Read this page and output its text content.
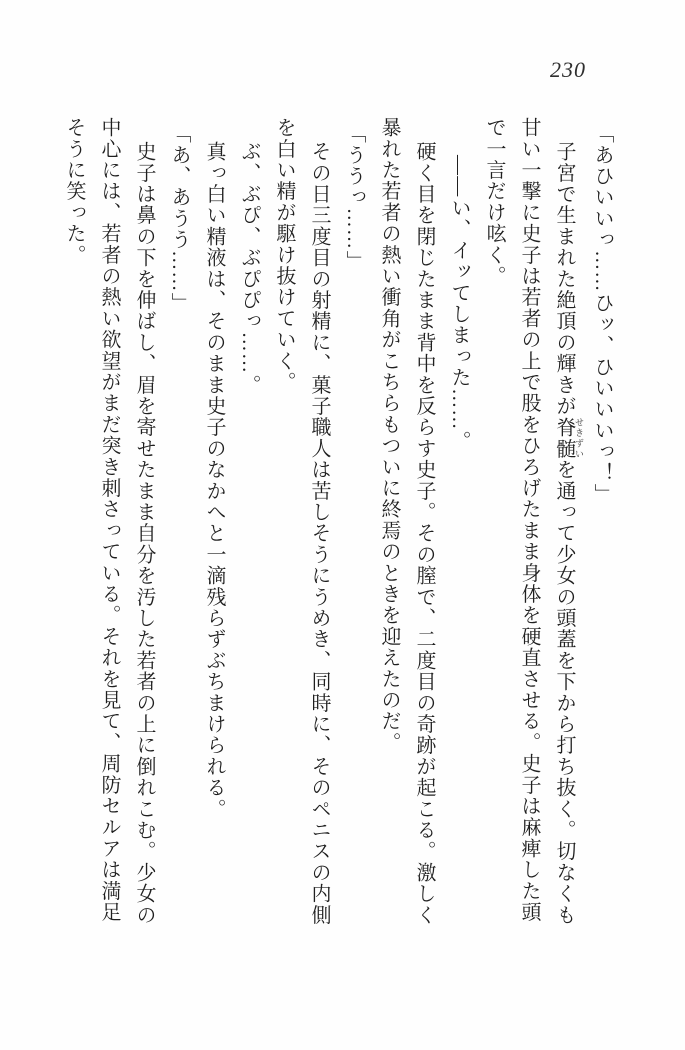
230

「あひいいっ……ひッ、ひいいいっ！」

子宮で生まれた絶頂の輝きが脊髄 せきずいを通って少女の頭蓋を下から打ち抜く。切なくも

甘い一撃に史子は若者の上で股をひろげたまま身体を硬直させる。史子は麻痺した頭

で一言だけ呟く。

――い、イッてしまった……。

硬く目を閉じたまま背中を反らす史子。その膣で、二度目の奇跡が起こる。激しく

暴れた若者の熱い衝角がこちらもついに終焉のときを迎えたのだ。

「ううっ……」

その日三度目の射精に、菓子職人は苦しそうにうめき、同時に、そのペニスの内側

を白い精が駆け抜けていく。

ぶ、ぶぴ、ぶぴぴっ……。

真っ白い精液は、そのまま史子のなかへと一滴残らずぶちまけられる。

「あ、あうう……」

史子は鼻の下を伸ばし、眉を寄せたまま自分を汚した若者の上に倒れこむ。少女の

中心には、若者の熱い欲望がまだ突き刺さっている。それを見て、周防セルアは満足

そうに笑った。
